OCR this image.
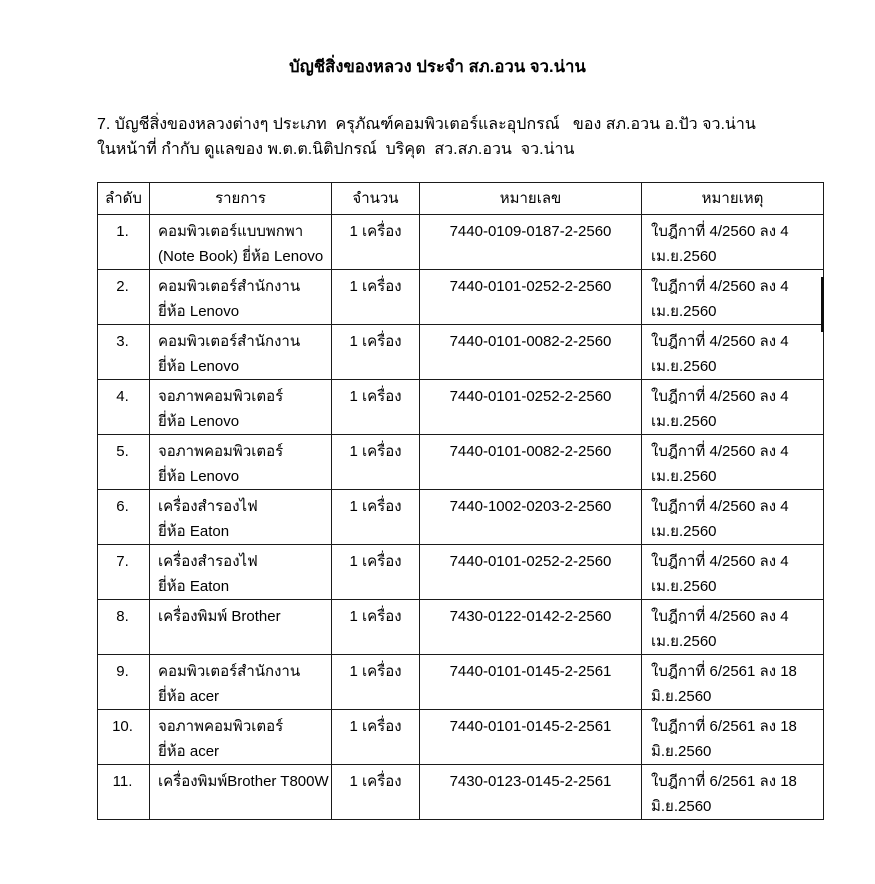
บัญชีสิ่งของหลวง ประจำ สภ.อวน จว.น่าน
7. บัญชีสิ่งของหลวงต่างๆ ประเภท  ครุภัณฑ์คอมพิวเตอร์และอุปกรณ์   ของ สภ.อวน อ.ปัว จว.น่าน
ในหน้าที่ กำกับ ดูแลของ พ.ต.ต.นิติปกรณ์  บริคุต  สว.สภ.อวน  จว.น่าน
ลำดับ	รายการ	จำนวน	หมายเลข	หมายเหตุ

1.	คอมพิวเตอร์แบบพกพา
(Note Book) ยี่ห้อ Lenovo	1 เครื่อง	7440-0109-0187-2-2560	ใบฎีกาที่ 4/2560 ลง 4
เม.ย.2560

2.	คอมพิวเตอร์สำนักงาน
ยี่ห้อ Lenovo	1 เครื่อง	7440-0101-0252-2-2560	ใบฎีกาที่ 4/2560 ลง 4
เม.ย.2560

3.	คอมพิวเตอร์สำนักงาน
ยี่ห้อ Lenovo	1 เครื่อง	7440-0101-0082-2-2560	ใบฎีกาที่ 4/2560 ลง 4
เม.ย.2560

4.	จอภาพคอมพิวเตอร์
ยี่ห้อ Lenovo	1 เครื่อง	7440-0101-0252-2-2560	ใบฎีกาที่ 4/2560 ลง 4
เม.ย.2560

5.	จอภาพคอมพิวเตอร์
ยี่ห้อ Lenovo	1 เครื่อง	7440-0101-0082-2-2560	ใบฎีกาที่ 4/2560 ลง 4
เม.ย.2560

6.	เครื่องสำรองไฟ
ยี่ห้อ Eaton	1 เครื่อง	7440-1002-0203-2-2560	ใบฎีกาที่ 4/2560 ลง 4
เม.ย.2560

7.	เครื่องสำรองไฟ
ยี่ห้อ Eaton	1 เครื่อง	7440-0101-0252-2-2560	ใบฎีกาที่ 4/2560 ลง 4
เม.ย.2560

8.	เครื่องพิมพ์ Brother	1 เครื่อง	7430-0122-0142-2-2560	ใบฎีกาที่ 4/2560 ลง 4
เม.ย.2560

9.	คอมพิวเตอร์สำนักงาน
ยี่ห้อ acer	1 เครื่อง	7440-0101-0145-2-2561	ใบฎีกาที่ 6/2561 ลง 18
มิ.ย.2560

10.	จอภาพคอมพิวเตอร์
ยี่ห้อ acer	1 เครื่อง	7440-0101-0145-2-2561	ใบฎีกาที่ 6/2561 ลง 18
มิ.ย.2560

11.	เครื่องพิมพ์Brother T800W	1 เครื่อง	7430-0123-0145-2-2561	ใบฎีกาที่ 6/2561 ลง 18
มิ.ย.2560
